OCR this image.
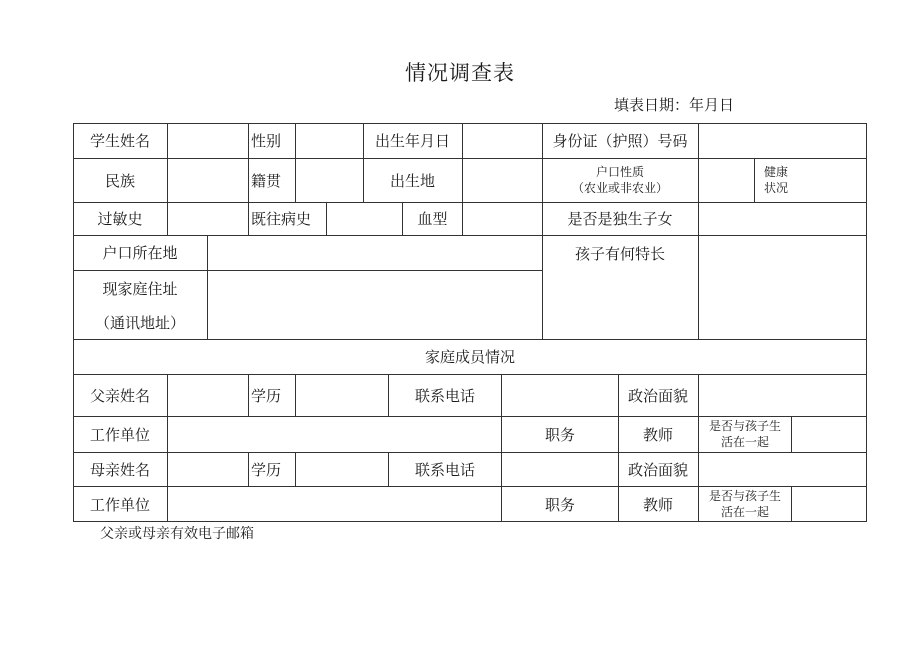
情况调查表
填表日期：年月日
学生姓名	性别	出生年月日	身份证（护照）号码
民族	籍贯	出生地	户口性质
（农业或非农业）
健康
状况
过敏史	既往病史	血型	是否是独生子女
户口所在地	孩子有何特长
现家庭住址
（通讯地址）
家庭成员情况
父亲姓名	学历	联系电话	政治面貌
工作单位	职务	教师	是否与孩子生
活在一起
母亲姓名	学历	联系电话	政治面貌
工作单位	职务	教师	是否与孩子生
活在一起
父亲或母亲有效电子邮箱
